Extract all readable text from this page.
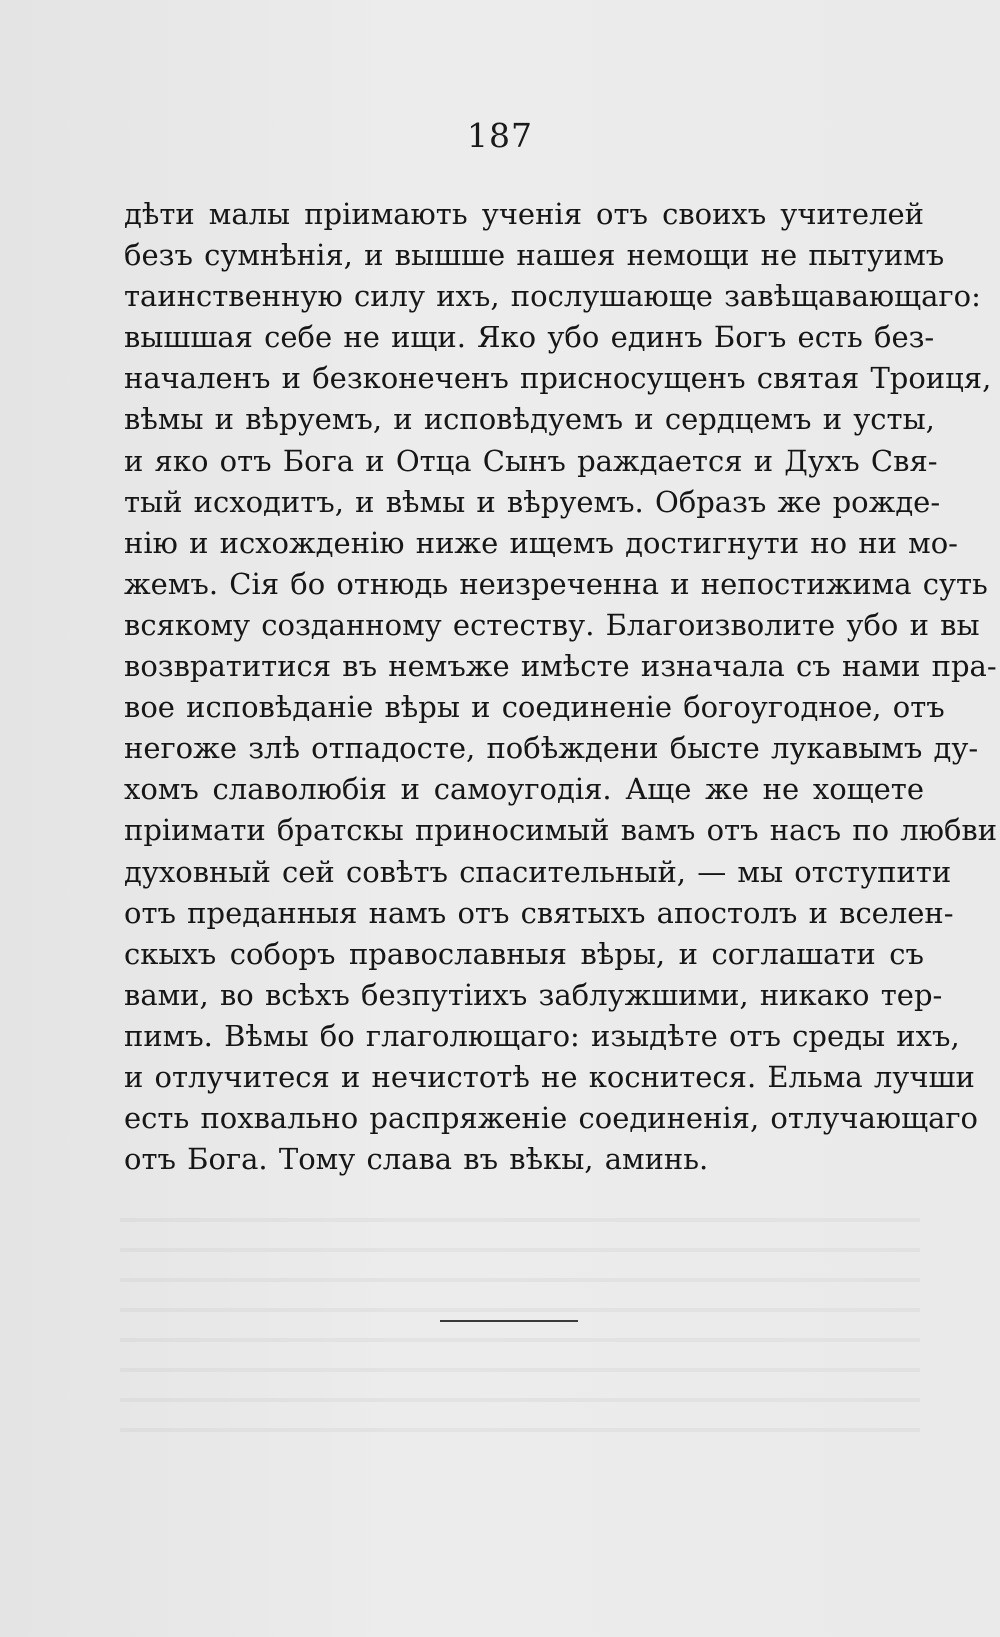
187
дѣти малы пріимають ученія отъ своихъ учителей
безъ сумнѣнія, и вышше нашея немощи не пытуимъ
таинственную силу ихъ, послушающе завѣщавающаго:
вышшая себе не ищи. Яко убо единъ Богъ есть без-
началенъ и безконеченъ присносущенъ святая Троиця,
вѣмы и вѣруемъ, и исповѣдуемъ и сердцемъ и усты,
и яко отъ Бога и Отца Сынъ раждается и Духъ Свя-
тый исходитъ, и вѣмы и вѣруемъ. Образъ же рожде-
нію и исхожденію ниже ищемъ достигнути но ни мо-
жемъ. Сія бо отнюдь неизреченна и непостижима суть
всякому созданному естеству. Благоизволите убо и вы
возвратитися въ немъже имѣсте изначала съ нами пра-
вое исповѣданіе вѣры и соединеніе богоугодное, отъ
негоже злѣ отпадосте, побѣждени бысте лукавымъ ду-
хомъ славолюбія и самоугодія. Аще же не хощете
пріимати братскы приносимый вамъ отъ насъ по любви
духовный сей совѣтъ спасительный, — мы отступити
отъ преданныя намъ отъ святыхъ апостолъ и вселен-
скыхъ соборъ православныя вѣры, и соглашати съ
вами, во всѣхъ безпутіихъ заблужшими, никако тер-
пимъ. Вѣмы бо глаголющаго: изыдѣте отъ среды ихъ,
и отлучитеся и нечистотѣ не коснитеся. Ельма лучши
есть похвально распряженіе соединенія, отлучающаго
отъ Бога. Тому слава въ вѣкы, аминь.
